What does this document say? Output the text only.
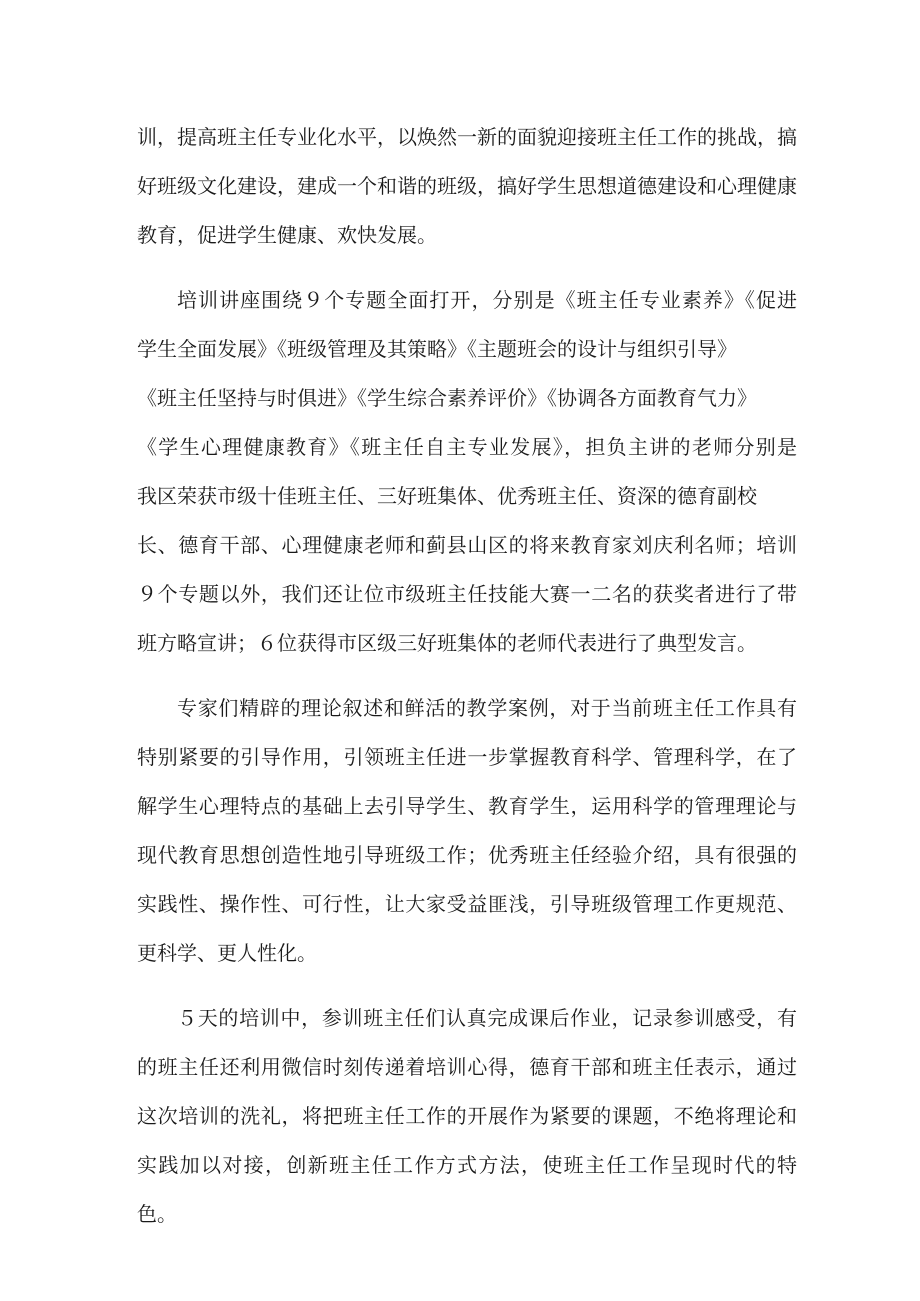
训，提高班主任专业化水平，以焕然一新的面貌迎接班主任工作的挑战，搞
好班级文化建设，建成一个和谐的班级，搞好学生思想道德建设和心理健康
教育，促进学生健康、欢快发展。
培训讲座围绕９个专题全面打开，分别是《班主任专业素养》《促进
学生全面发展》《班级管理及其策略》《主题班会的设计与组织引导》
《班主任坚持与时俱进》《学生综合素养评价》《协调各方面教育气力》
《学生心理健康教育》《班主任自主专业发展》，担负主讲的老师分别是
我区荣获市级十佳班主任、三好班集体、优秀班主任、资深的德育副校
长、德育干部、心理健康老师和蓟县山区的将来教育家刘庆利名师；培训
９个专题以外，我们还让位市级班主任技能大赛一二名的获奖者进行了带
班方略宣讲；６位获得市区级三好班集体的老师代表进行了典型发言。
专家们精辟的理论叙述和鲜活的教学案例，对于当前班主任工作具有
特别紧要的引导作用，引领班主任进一步掌握教育科学、管理科学，在了
解学生心理特点的基础上去引导学生、教育学生，运用科学的管理理论与
现代教育思想创造性地引导班级工作；优秀班主任经验介绍，具有很强的
实践性、操作性、可行性，让大家受益匪浅，引导班级管理工作更规范、
更科学、更人性化。
５天的培训中，参训班主任们认真完成课后作业，记录参训感受，有
的班主任还利用微信时刻传递着培训心得，德育干部和班主任表示，通过
这次培训的洗礼，将把班主任工作的开展作为紧要的课题，不绝将理论和
实践加以对接，创新班主任工作方式方法，使班主任工作呈现时代的特
色。
